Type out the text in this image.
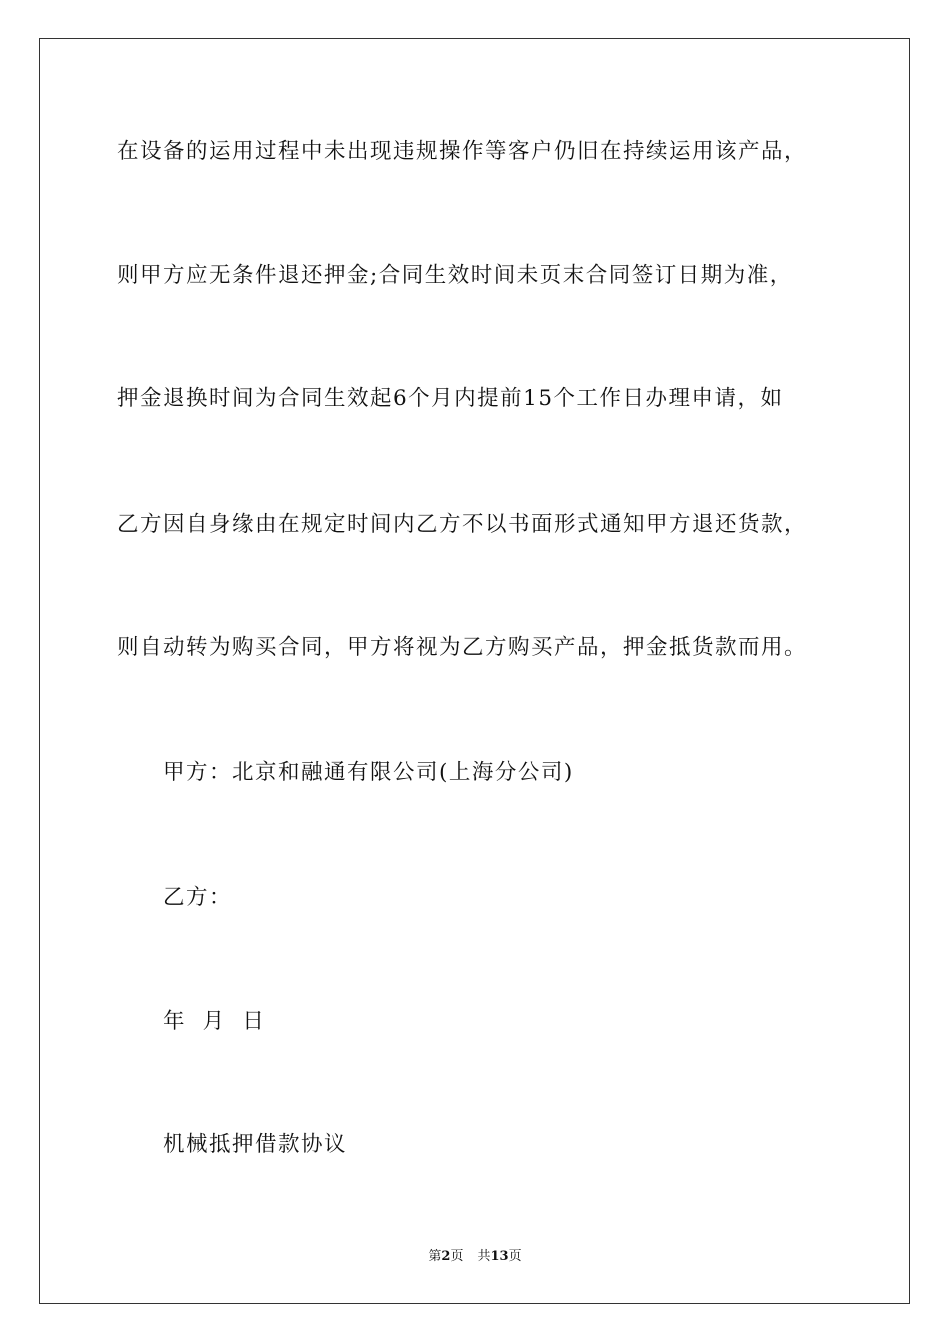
在设备的运用过程中未出现违规操作等客户仍旧在持续运用该产品，
则甲方应无条件退还押金;合同生效时间未页末合同签订日期为准，
押金退换时间为合同生效起6个月内提前15个工作日办理申请，如
乙方因自身缘由在规定时间内乙方不以书面形式通知甲方退还货款，
则自动转为购买合同，甲方将视为乙方购买产品，押金抵货款而用。
甲方：北京和融通有限公司(上海分公司)
乙方：
年  月  日
机械抵押借款协议
第2页 共13页
